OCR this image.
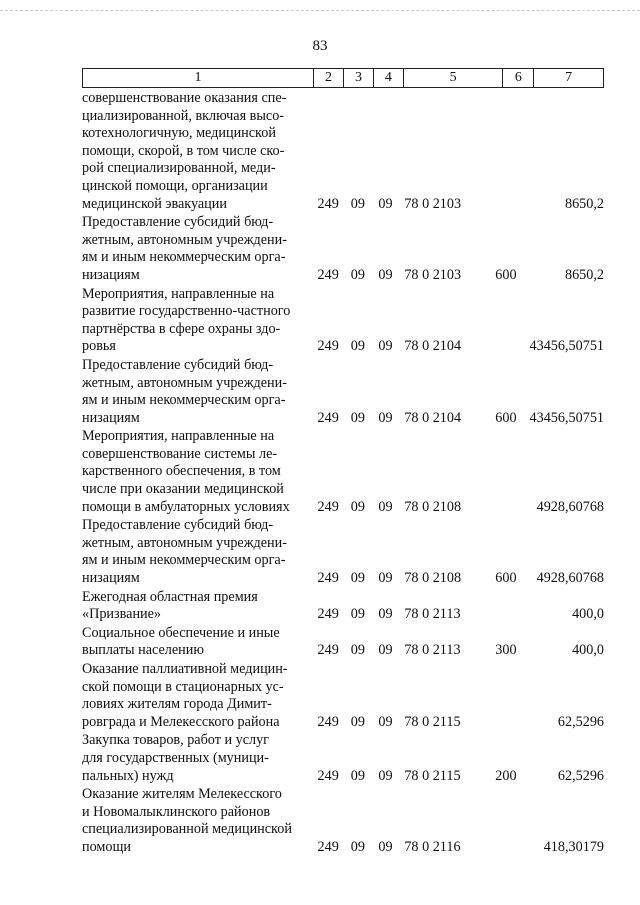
83
1	2	3	4	5	6	7
совершенствование оказания спе-
циализированной, включая высо-
котехнологичную, медицинской
помощи, скорой, в том числе ско-
рой специализированной, меди-
цинской помощи, организации
медицинской эвакуации	249 09 09 78 0 2103	8650,2
Предоставление субсидий бюд-
жетным, автономным учреждени-
ям и иным некоммерческим орга-
низациям	249 09 09 78 0 2103	600	8650,2
Мероприятия, направленные на
развитие государственно-частного
партнёрства в сфере охраны здо-
ровья	249 09 09 78 0 2104	43456,50751
Предоставление субсидий бюд-
жетным, автономным учреждени-
ям и иным некоммерческим орга-
низациям	249 09 09 78 0 2104	600 43456,50751
Мероприятия, направленные на
совершенствование системы ле-
карственного обеспечения, в том
числе при оказании медицинской
помощи в амбулаторных условиях	249 09 09 78 0 2108	4928,60768
Предоставление субсидий бюд-
жетным, автономным учреждени-
ям и иным некоммерческим орга-
низациям	249 09 09 78 0 2108	600	4928,60768
Ежегодная областная премия
«Призвание»	249 09 09 78 0 2113	400,0
Социальное обеспечение и иные
выплаты населению	249 09 09 78 0 2113	300	400,0
Оказание паллиативной медицин-
ской помощи в стационарных ус-
ловиях жителям города Димит-
ровграда и Мелекесского района	249 09 09 78 0 2115	62,5296
Закупка товаров, работ и услуг
для государственных (муници-
пальных) нужд	249 09 09 78 0 2115	200	62,5296
Оказание жителям Мелекесского
и Новомалыклинского районов
специализированной медицинской
помощи	249 09 09 78 0 2116	418,30179
